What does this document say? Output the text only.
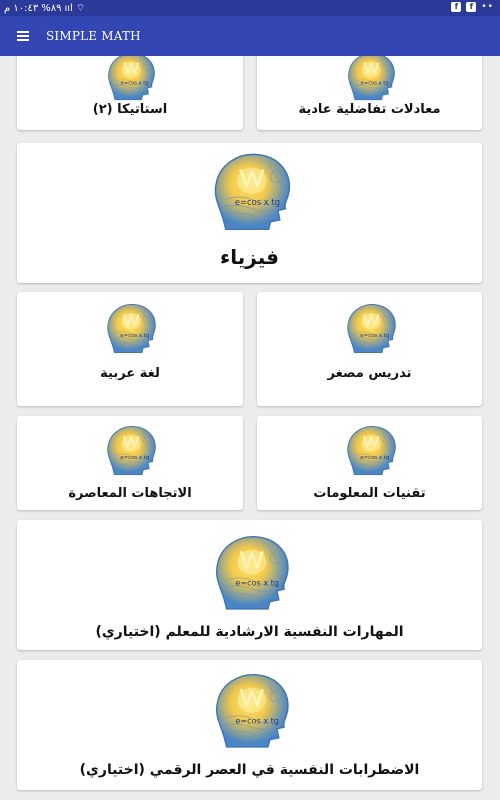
١٠:٤٣ م %٨٩ ııl ⌔	f	f ••
SIMPLE MATH
e=cos x tg
معادلات تفاضلية عادية
e=cos x tg
استاتيكا (٢)
e=cos x tg
فيزياء
e=cos x tg
تدريس مصغر
e=cos x tg
لغة عربية
e=cos x tg
تقنيات المعلومات
e=cos x tg
الاتجاهات المعاصرة
e=cos x tg
المهارات النفسية الارشادية للمعلم (اختياري)
e=cos x tg
الاضطرابات النفسية في العصر الرقمي (اختياري)
